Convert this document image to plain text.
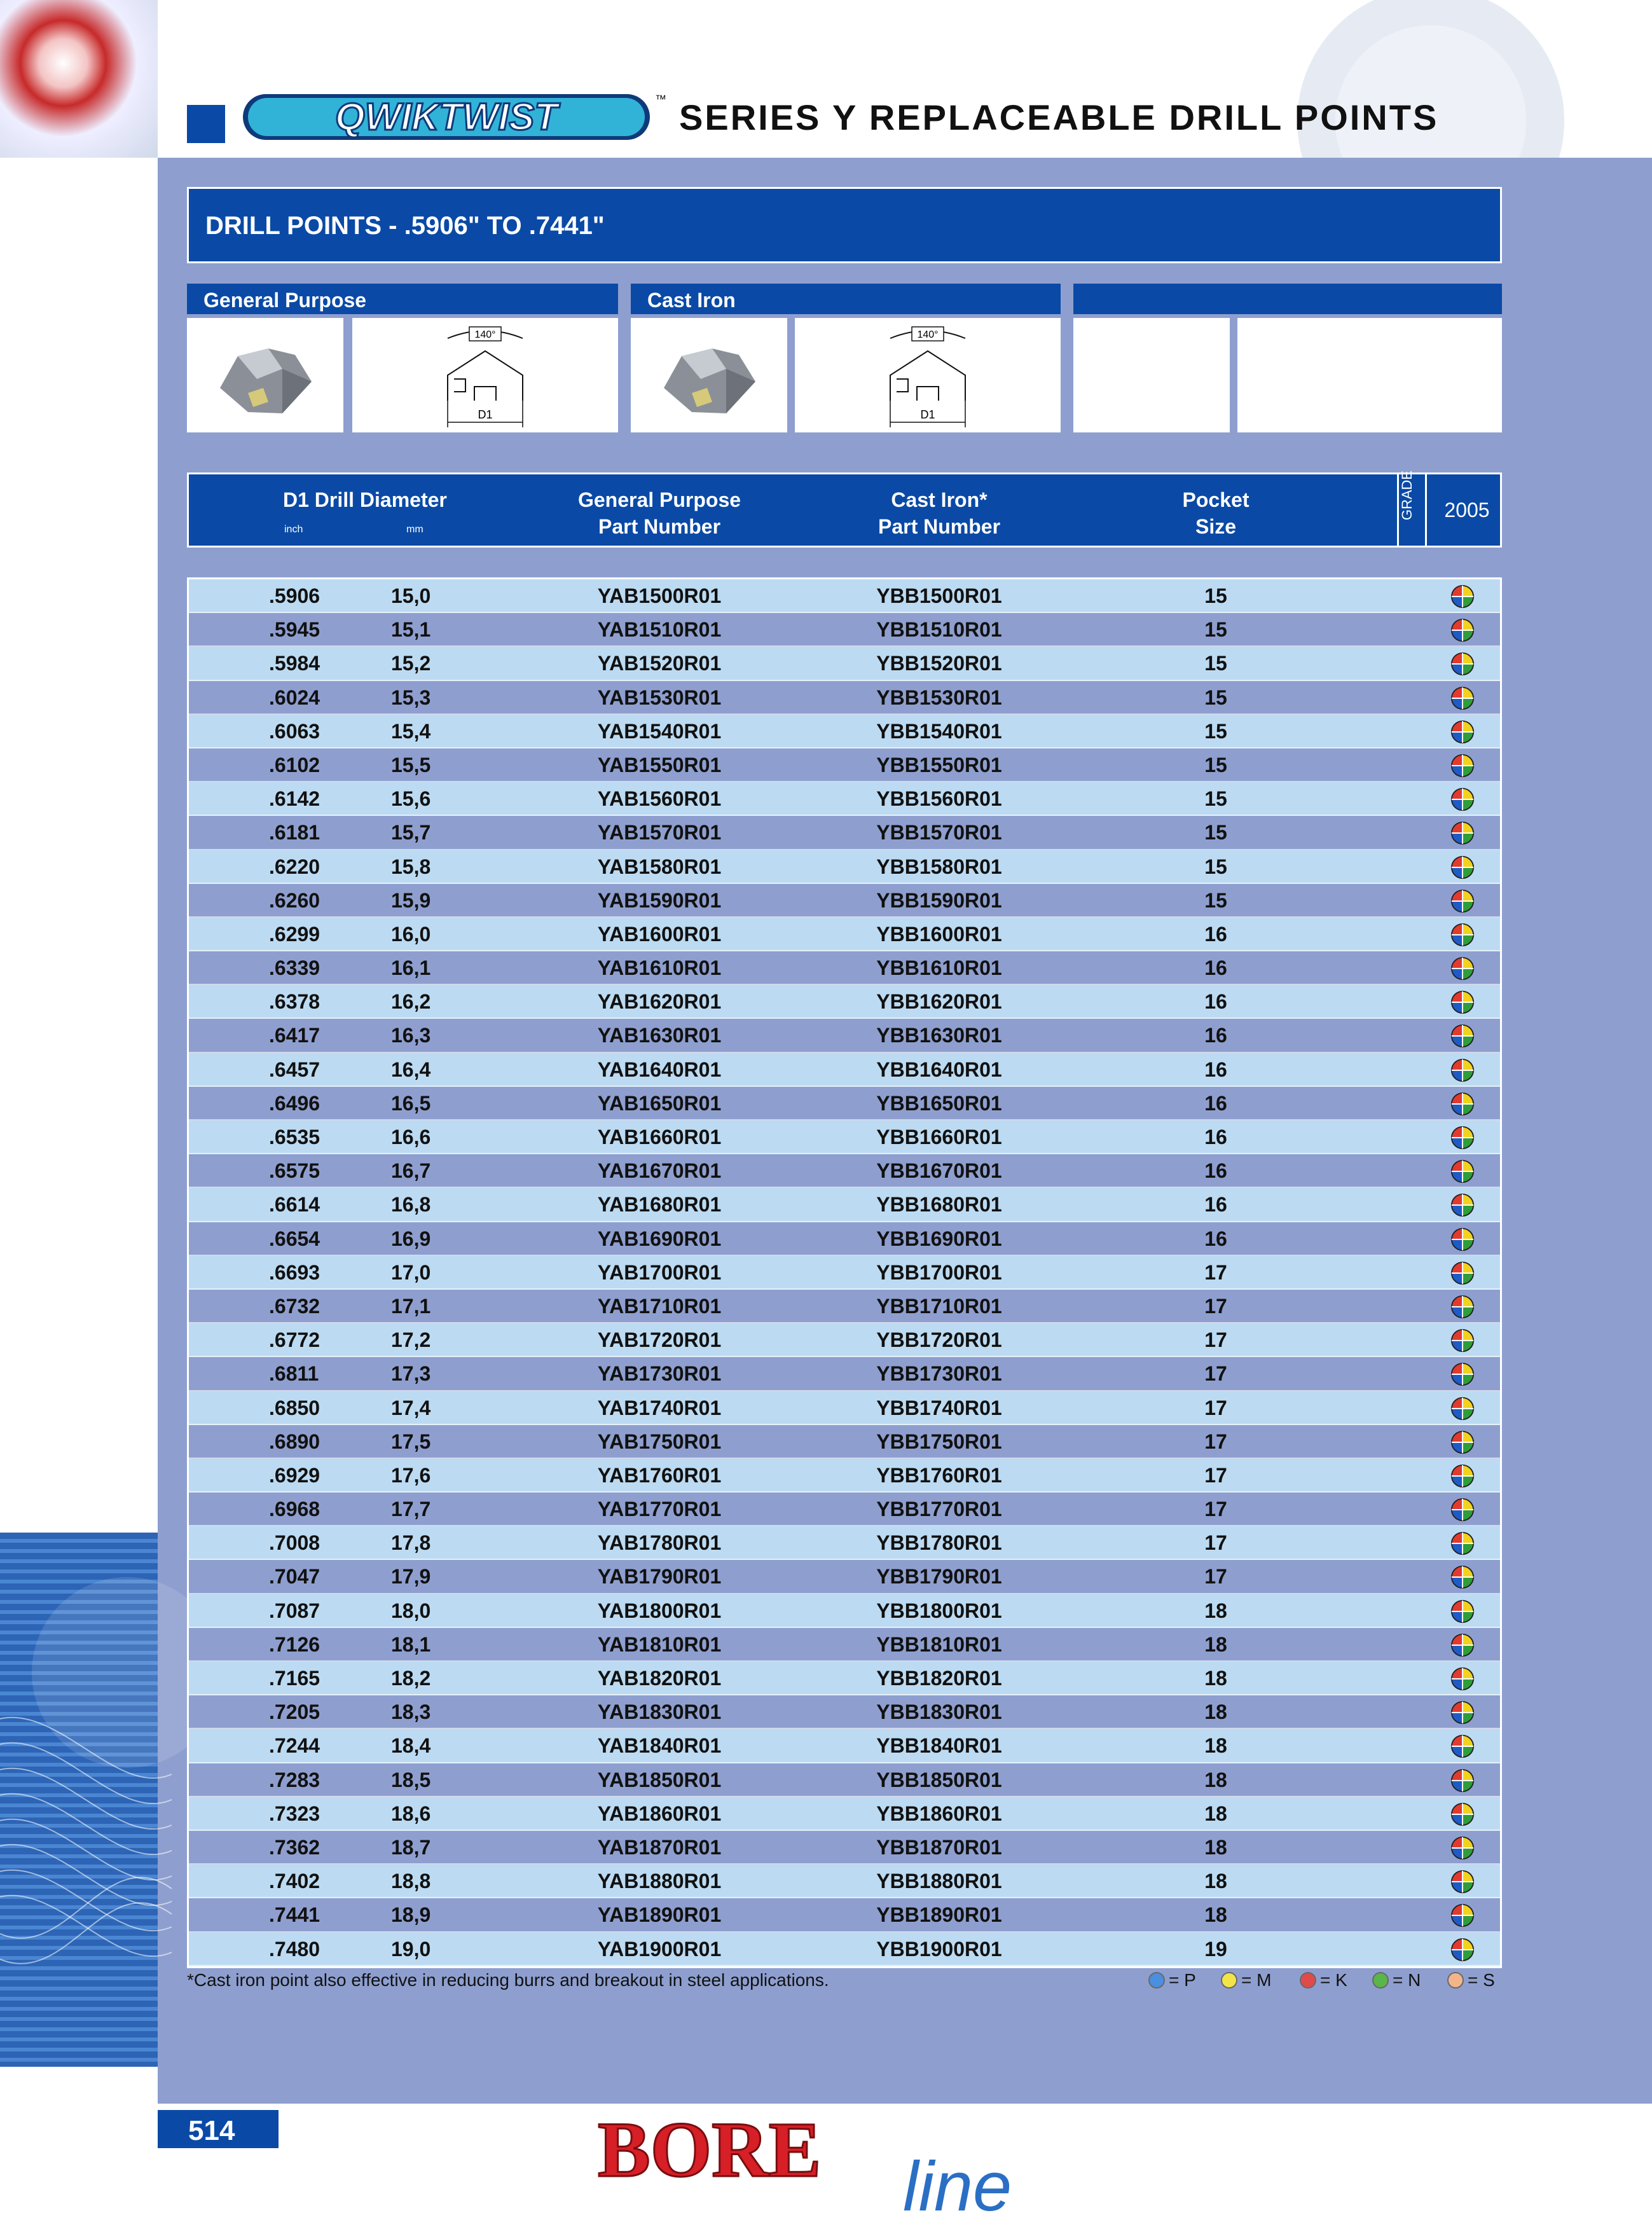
QWIKTWIST	™ SERIES Y REPLACEABLE DRILL POINTS
DRILL POINTS - .5906" TO .7441"
General Purpose
140°
D1
Cast Iron
140°
D1
D1 Drill Diameter
inch	mm
General Purpose
Part Number
Cast Iron*
Part Number
Pocket
Size
GRADE	2005
.5906	15,0	YAB1500R01	YBB1500R01	15
.5945	15,1	YAB1510R01	YBB1510R01	15
.5984	15,2	YAB1520R01	YBB1520R01	15
.6024	15,3	YAB1530R01	YBB1530R01	15
.6063	15,4	YAB1540R01	YBB1540R01	15
.6102	15,5	YAB1550R01	YBB1550R01	15
.6142	15,6	YAB1560R01	YBB1560R01	15
.6181	15,7	YAB1570R01	YBB1570R01	15
.6220	15,8	YAB1580R01	YBB1580R01	15
.6260	15,9	YAB1590R01	YBB1590R01	15
.6299	16,0	YAB1600R01	YBB1600R01	16
.6339	16,1	YAB1610R01	YBB1610R01	16
.6378	16,2	YAB1620R01	YBB1620R01	16
.6417	16,3	YAB1630R01	YBB1630R01	16
.6457	16,4	YAB1640R01	YBB1640R01	16
.6496	16,5	YAB1650R01	YBB1650R01	16
.6535	16,6	YAB1660R01	YBB1660R01	16
.6575	16,7	YAB1670R01	YBB1670R01	16
.6614	16,8	YAB1680R01	YBB1680R01	16
.6654	16,9	YAB1690R01	YBB1690R01	16
.6693	17,0	YAB1700R01	YBB1700R01	17
.6732	17,1	YAB1710R01	YBB1710R01	17
.6772	17,2	YAB1720R01	YBB1720R01	17
.6811	17,3	YAB1730R01	YBB1730R01	17
.6850	17,4	YAB1740R01	YBB1740R01	17
.6890	17,5	YAB1750R01	YBB1750R01	17
.6929	17,6	YAB1760R01	YBB1760R01	17
.6968	17,7	YAB1770R01	YBB1770R01	17
.7008	17,8	YAB1780R01	YBB1780R01	17
.7047	17,9	YAB1790R01	YBB1790R01	17
.7087	18,0	YAB1800R01	YBB1800R01	18
.7126	18,1	YAB1810R01	YBB1810R01	18
.7165	18,2	YAB1820R01	YBB1820R01	18
.7205	18,3	YAB1830R01	YBB1830R01	18
.7244	18,4	YAB1840R01	YBB1840R01	18
.7283	18,5	YAB1850R01	YBB1850R01	18
.7323	18,6	YAB1860R01	YBB1860R01	18
.7362	18,7	YAB1870R01	YBB1870R01	18
.7402	18,8	YAB1880R01	YBB1880R01	18
.7441	18,9	YAB1890R01	YBB1890R01	18
.7480	19,0	YAB1900R01	YBB1900R01	19
*Cast iron point also effective in reducing burrs and breakout in steel applications.	= P	= M	= K	= N	= S
514	BORE line
